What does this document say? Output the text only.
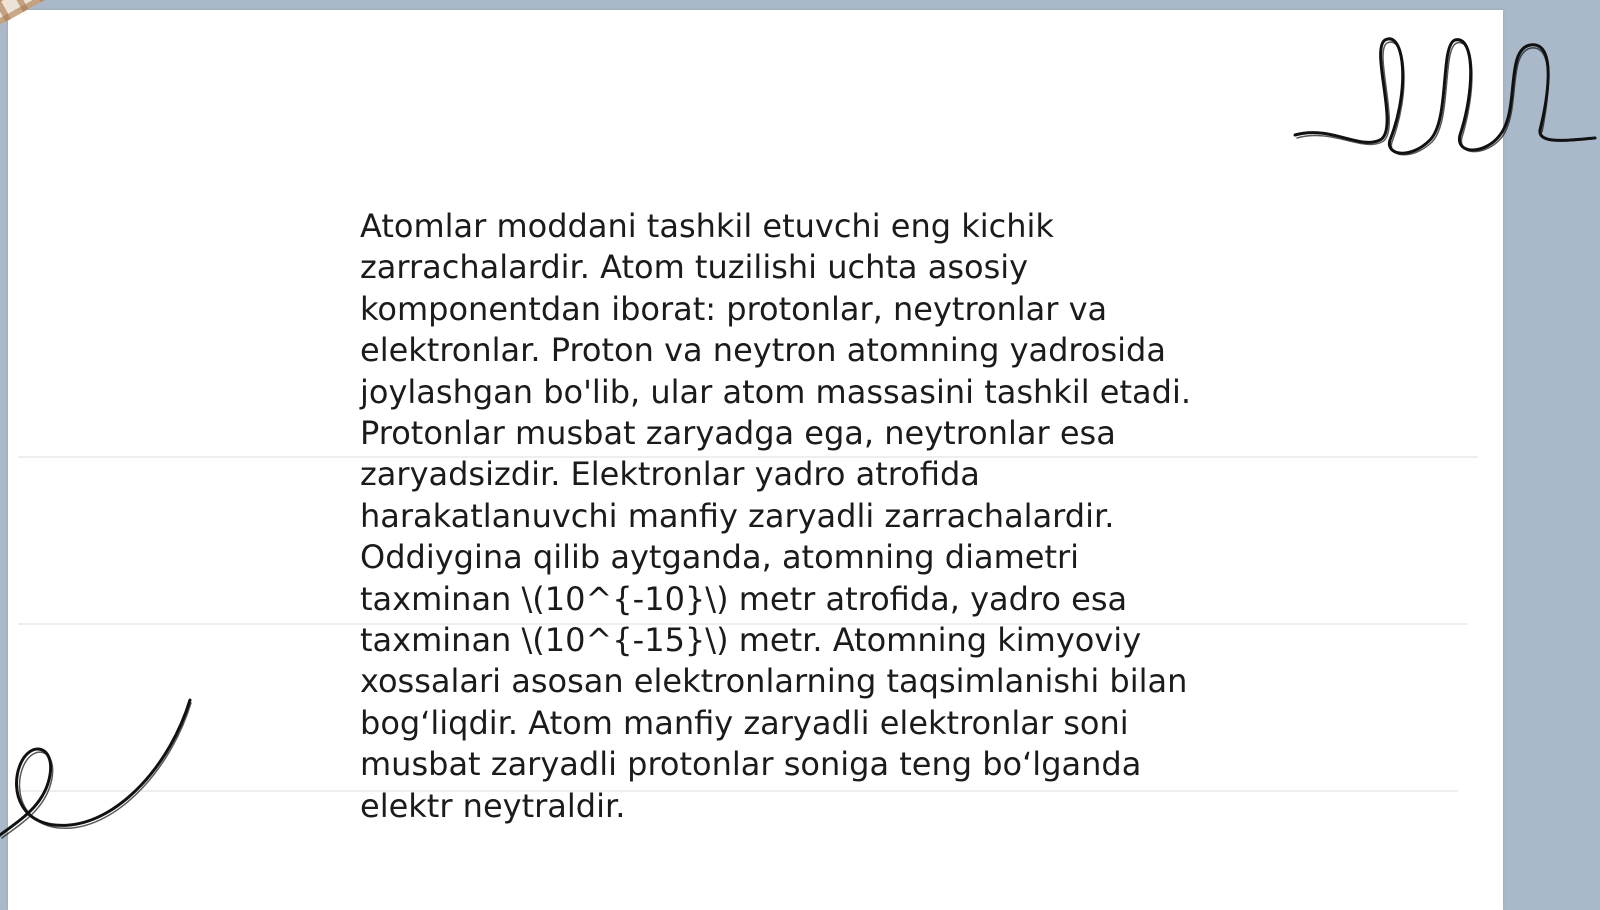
Atomlar moddani tashkil etuvchi eng kichik
zarrachalardir. Atom tuzilishi uchta asosiy
komponentdan iborat: protonlar, neytronlar va
elektronlar. Proton va neytron atomning yadrosida
joylashgan bo'lib, ular atom massasini tashkil etadi.
Protonlar musbat zaryadga ega, neytronlar esa
zaryadsizdir. Elektronlar yadro atrofida
harakatlanuvchi manfiy zaryadli zarrachalardir.
Oddiygina qilib aytganda, atomning diametri
taxminan \(10^{-10}\) metr atrofida, yadro esa
taxminan \(10^{-15}\) metr. Atomning kimyoviy
xossalari asosan elektronlarning taqsimlanishi bilan
bog‘liqdir. Atom manfiy zaryadli elektronlar soni
musbat zaryadli protonlar soniga teng bo‘lganda
elektr neytraldir.
